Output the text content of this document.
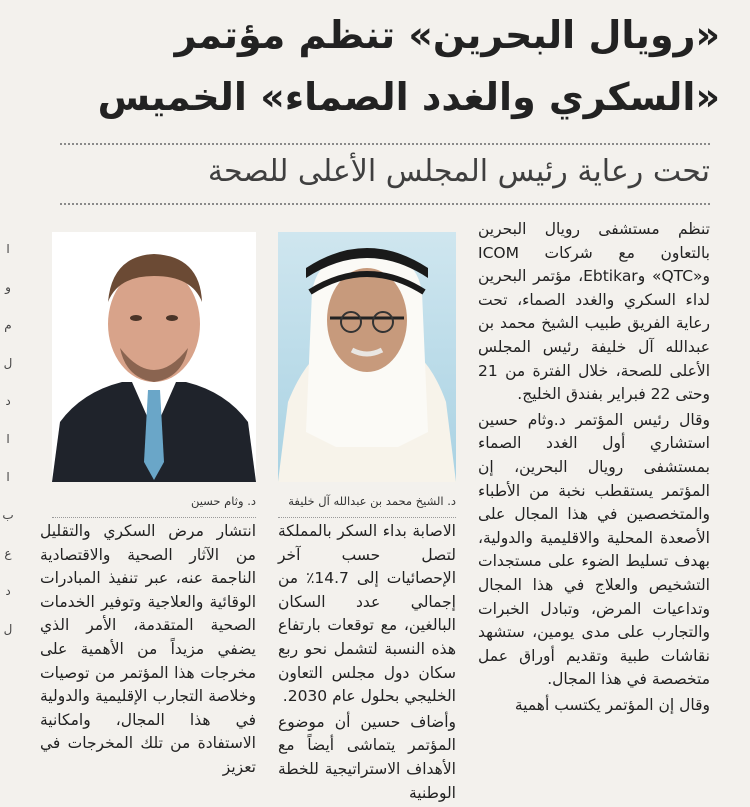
ا
و
م
ل
د
ا
ا
ب
ع
د
ل
«رويال البحرين» تنظم مؤتمر
«السكري والغدد الصماء» الخميس
تحت رعاية رئيس المجلس الأعلى للصحة

تنظم مستشفى رويال البحرين بالتعاون مع شركات ICOM و«QTC» وEbtikar، مؤتمر البحرين لداء السكري والغدد الصماء، تحت رعاية الفريق طبيب الشيخ محمد بن عبدالله آل خليفة رئيس المجلس الأعلى للصحة، خلال الفترة من 21 وحتى 22 فبراير بفندق الخليج.

وقال رئيس المؤتمر د.وثام حسين استشاري أول الغدد الصماء بمستشفى رويال البحرين، إن المؤتمر يستقطب نخبة من الأطباء والمتخصصين في هذا المجال على الأصعدة المحلية والاقليمية والدولية، بهدف تسليط الضوء على مستجدات التشخيص والعلاج في هذا المجال وتداعيات المرض، وتبادل الخبرات والتجارب على مدى يومين، ستشهد نقاشات طبية وتقديم أوراق عمل متخصصة في هذا المجال.

وقال إن المؤتمر يكتسب أهمية

د. الشيخ محمد بن عبدالله آل خليفة
د. وثام حسين

الاصابة بداء السكر بالمملكة لتصل حسب آخر الإحصائيات إلى 14.7٪ من إجمالي عدد السكان البالغين، مع توقعات بارتفاع هذه النسبة لتشمل نحو ربع سكان دول مجلس التعاون الخليجي بحلول عام 2030.

وأضاف حسين أن موضوع المؤتمر يتماشى أيضاً مع الأهداف الاستراتيجية للخطة الوطنية

انتشار مرض السكري والتقليل من الآثار الصحية والاقتصادية الناجمة عنه، عبر تنفيذ المبادرات الوقائية والعلاجية وتوفير الخدمات الصحية المتقدمة، الأمر الذي يضفي مزيداً من الأهمية على مخرجات هذا المؤتمر من توصيات وخلاصة التجارب الإقليمية والدولية في هذا المجال، وامكانية الاستفادة من تلك المخرجات في تعزيز
